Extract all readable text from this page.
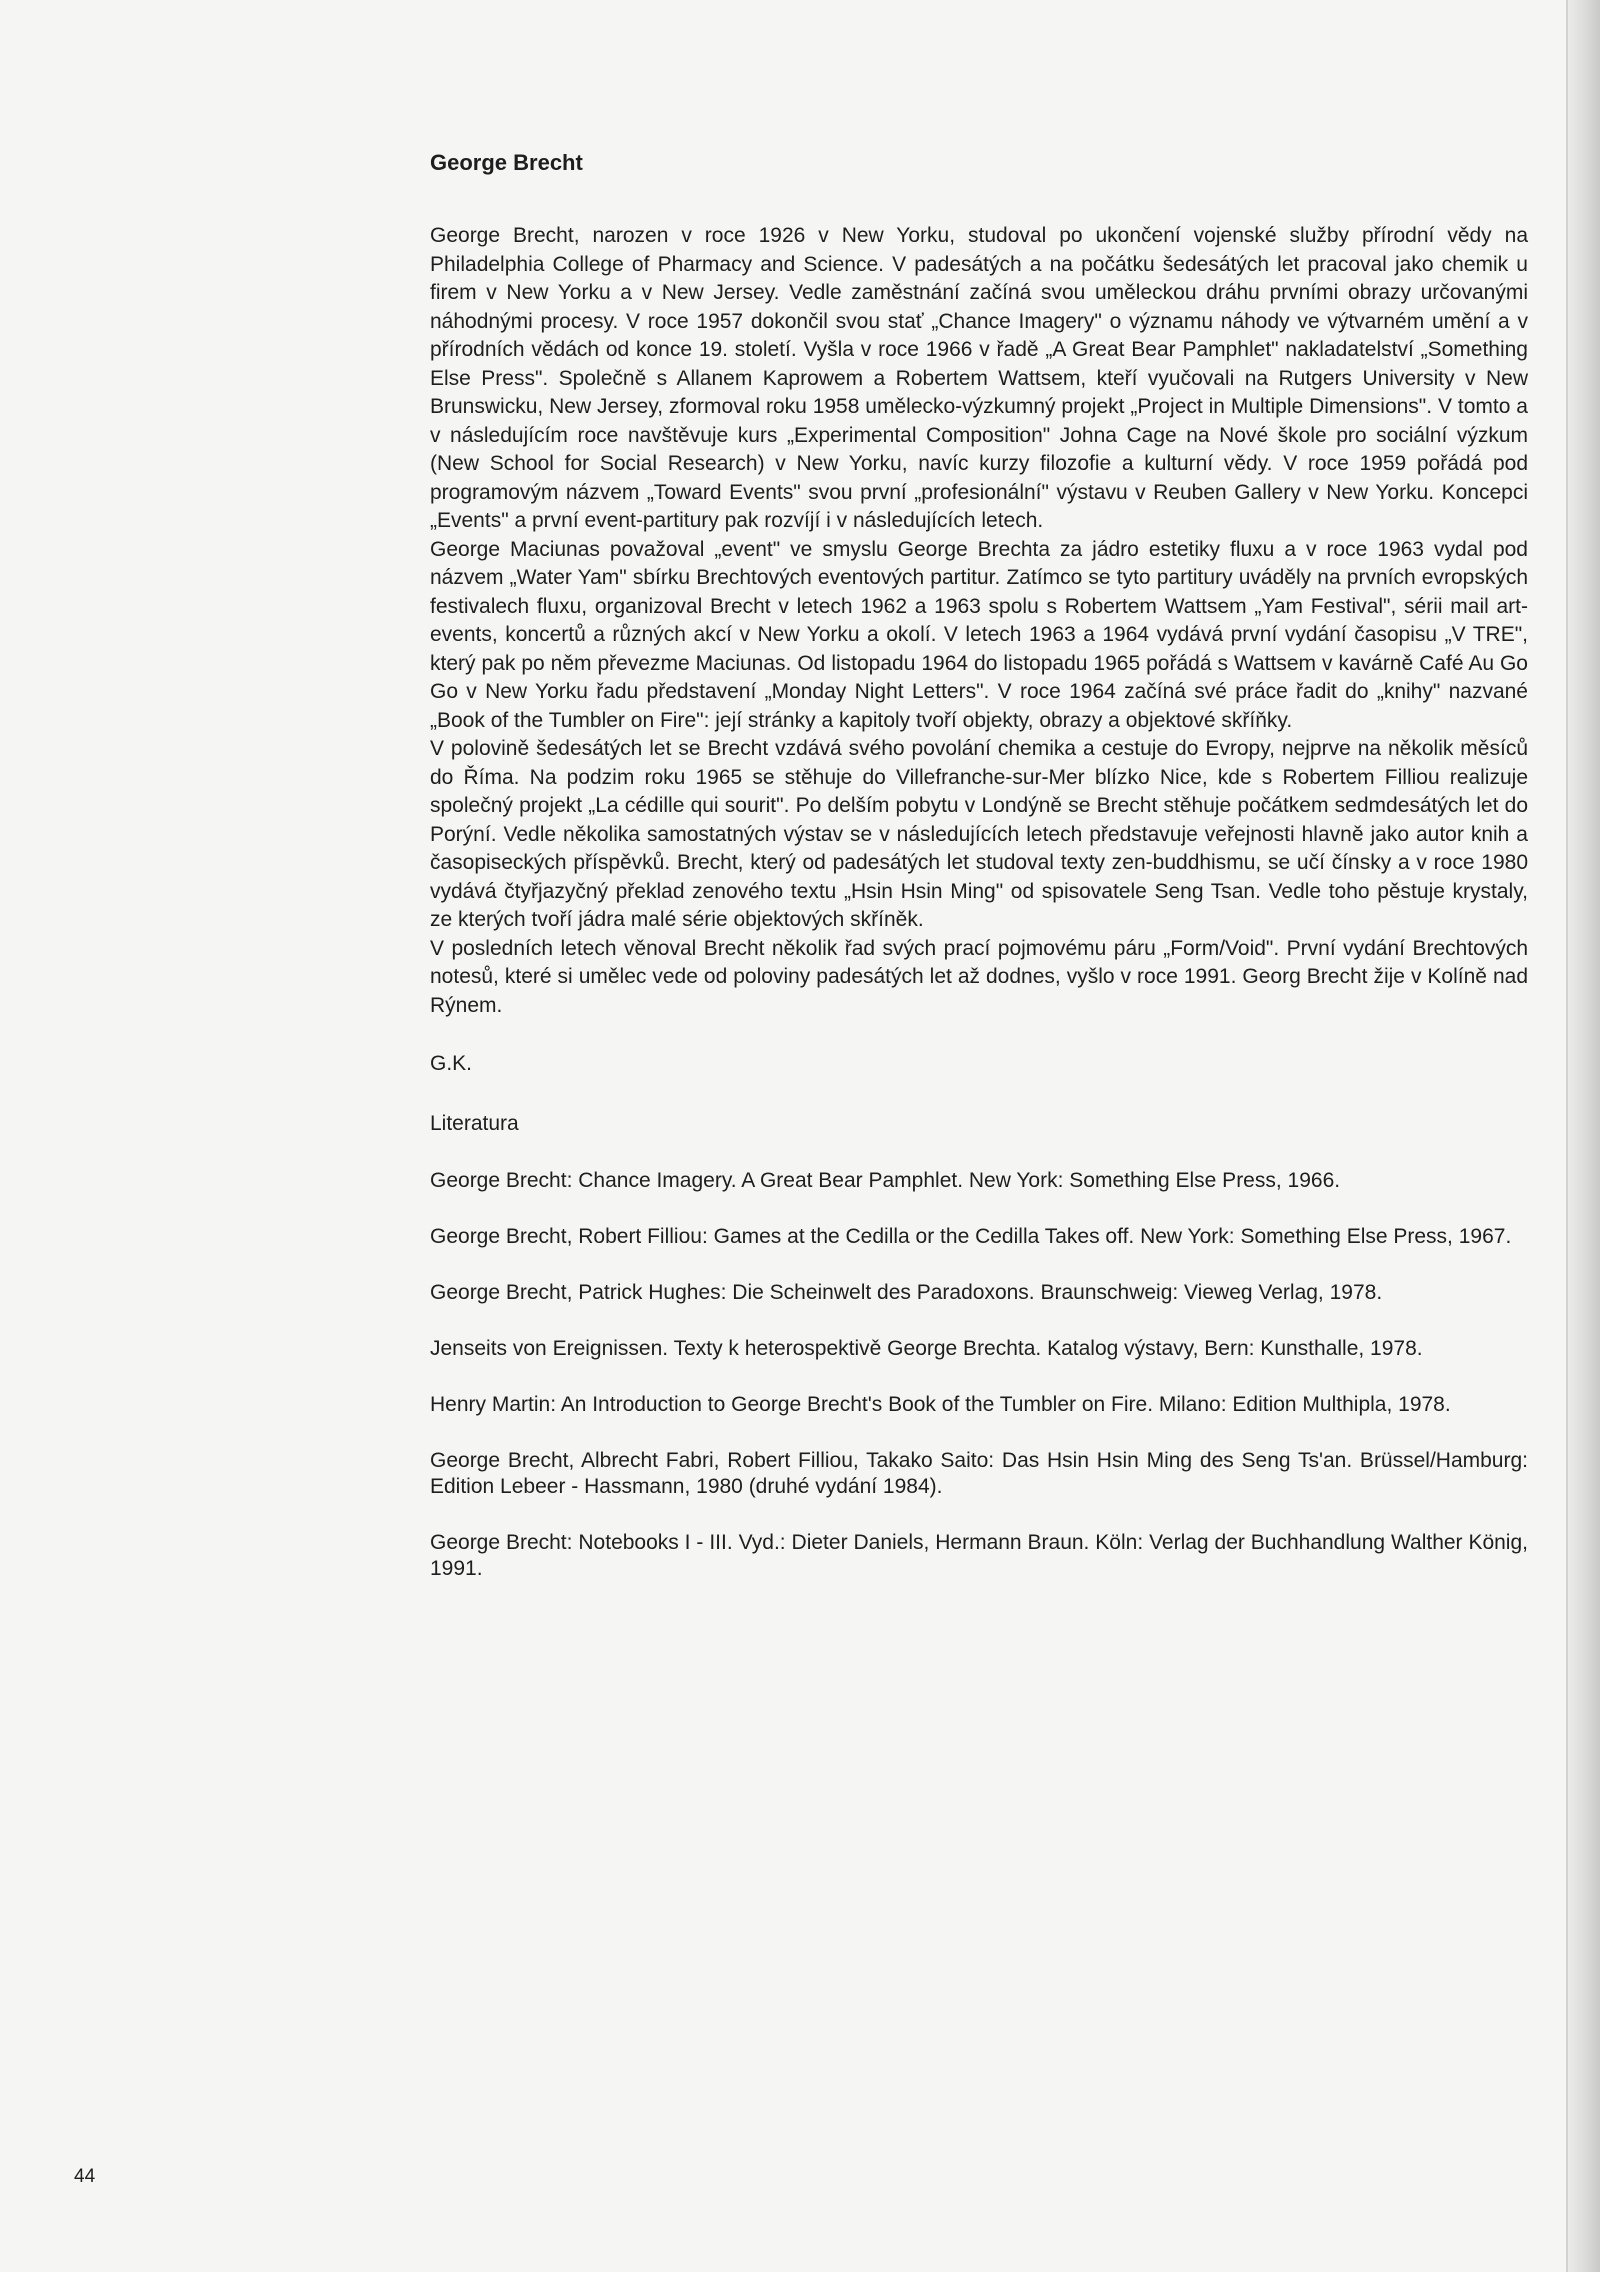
George Brecht

George Brecht, narozen v roce 1926 v New Yorku, studoval po ukončení vojenské služby přírodní vědy na Philadelphia College of Pharmacy and Science. V padesátých a na počátku šedesátých let pracoval jako chemik u firem v New Yorku a v New Jersey. Vedle zaměstnání začíná svou uměleckou dráhu prvními obrazy určovanými náhodnými procesy. V roce 1957 dokončil svou stať „Chance Imagery" o významu náhody ve výtvarném umění a v přírodních vědách od konce 19. století. Vyšla v roce 1966 v řadě „A Great Bear Pamphlet" nakladatelství „Something Else Press". Společně s Allanem Kaprowem a Robertem Wattsem, kteří vyučovali na Rutgers University v New Brunswicku, New Jersey, zformoval roku 1958 umělecko-výzkumný projekt „Project in Multiple Dimensions". V tomto a v následujícím roce navštěvuje kurs „Experimental Composition" Johna Cage na Nové škole pro sociální výzkum (New School for Social Research) v New Yorku, navíc kurzy filozofie a kulturní vědy. V roce 1959 pořádá pod programovým názvem „Toward Events" svou první „profesionální" výstavu v Reuben Gallery v New Yorku. Koncepci „Events" a první event-partitury pak rozvíjí i v následujících letech.

George Maciunas považoval „event" ve smyslu George Brechta za jádro estetiky fluxu a v roce 1963 vydal pod názvem „Water Yam" sbírku Brechtových eventových partitur. Zatímco se tyto partitury uváděly na prvních evropských festivalech fluxu, organizoval Brecht v letech 1962 a 1963 spolu s Robertem Wattsem „Yam Festival", sérii mail art-events, koncertů a různých akcí v New Yorku a okolí. V letech 1963 a 1964 vydává první vydání časopisu „V TRE", který pak po něm převezme Maciunas. Od listopadu 1964 do listopadu 1965 pořádá s Wattsem v kavárně Café Au Go Go v New Yorku řadu představení „Monday Night Letters". V roce 1964 začíná své práce řadit do „knihy" nazvané „Book of the Tumbler on Fire": její stránky a kapitoly tvoří objekty, obrazy a objektové skříňky.

V polovině šedesátých let se Brecht vzdává svého povolání chemika a cestuje do Evropy, nejprve na několik měsíců do Říma. Na podzim roku 1965 se stěhuje do Villefranche-sur-Mer blízko Nice, kde s Robertem Filliou realizuje společný projekt „La cédille qui sourit". Po delším pobytu v Londýně se Brecht stěhuje počátkem sedmdesátých let do Porýní. Vedle několika samostatných výstav se v následujících letech představuje veřejnosti hlavně jako autor knih a časopiseckých příspěvků. Brecht, který od padesátých let studoval texty zen-buddhismu, se učí čínsky a v roce 1980 vydává čtyřjazyčný překlad zenového textu „Hsin Hsin Ming" od spisovatele Seng Tsan. Vedle toho pěstuje krystaly, ze kterých tvoří jádra malé série objektových skříněk.

V posledních letech věnoval Brecht několik řad svých prací pojmovému páru „Form/Void". První vydání Brechtových notesů, které si umělec vede od poloviny padesátých let až dodnes, vyšlo v roce 1991. Georg Brecht žije v Kolíně nad Rýnem.

G.K.

Literatura

George Brecht: Chance Imagery. A Great Bear Pamphlet. New York: Something Else Press, 1966.
George Brecht, Robert Filliou: Games at the Cedilla or the Cedilla Takes off. New York: Something Else Press, 1967.
George Brecht, Patrick Hughes: Die Scheinwelt des Paradoxons. Braunschweig: Vieweg Verlag, 1978.
Jenseits von Ereignissen. Texty k heterospektivě George Brechta. Katalog výstavy, Bern: Kunsthalle, 1978.
Henry Martin: An Introduction to George Brecht's Book of the Tumbler on Fire. Milano: Edition Multhipla, 1978.
George Brecht, Albrecht Fabri, Robert Filliou, Takako Saito: Das Hsin Hsin Ming des Seng Ts'an. Brüssel/Hamburg: Edition Lebeer - Hassmann, 1980 (druhé vydání 1984).
George Brecht: Notebooks I - III. Vyd.: Dieter Daniels, Hermann Braun. Köln: Verlag der Buchhandlung Walther König, 1991.
44
